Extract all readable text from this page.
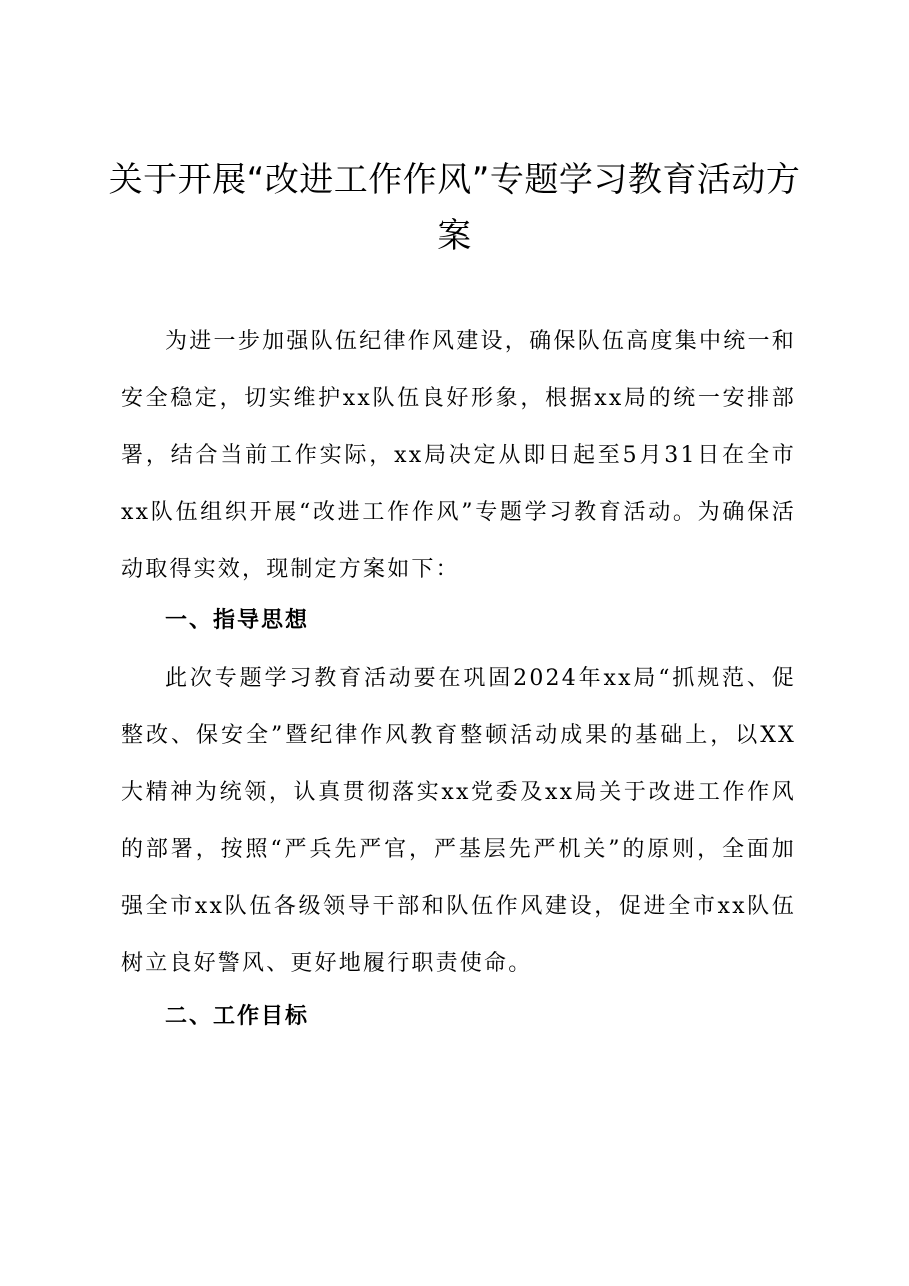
关于开展“改进工作作风”专题学习教育活动方案

为进一步加强队伍纪律作风建设，确保队伍高度集中统一和安全稳定，切实维护xx队伍良好形象，根据xx局的统一安排部署，结合当前工作实际，xx局决定从即日起至5月31日在全市xx队伍组织开展“改进工作作风”专题学习教育活动。为确保活动取得实效，现制定方案如下：

一、指导思想

此次专题学习教育活动要在巩固2024年xx局“抓规范、促整改、保安全”暨纪律作风教育整顿活动成果的基础上，以XX大精神为统领，认真贯彻落实xx党委及xx局关于改进工作作风的部署，按照“严兵先严官，严基层先严机关”的原则，全面加强全市xx队伍各级领导干部和队伍作风建设，促进全市xx队伍树立良好警风、更好地履行职责使命。

二、工作目标
